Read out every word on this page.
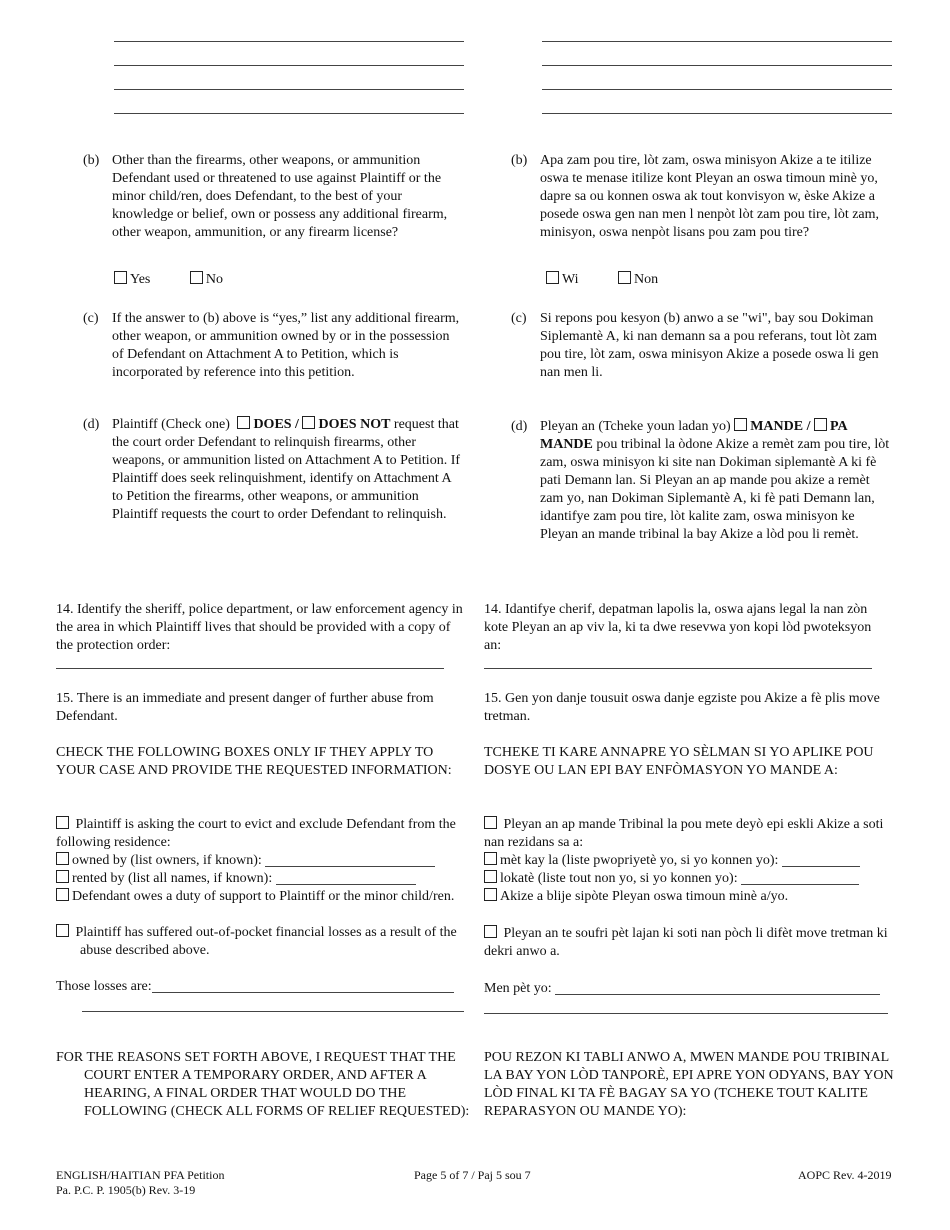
(b) Other than the firearms, other weapons, or ammunition Defendant used or threatened to use against Plaintiff or the minor child/ren, does Defendant, to the best of your knowledge or belief, own or possess any additional firearm, other weapon, ammunition, or any firearm license?
Yes	No
(c) If the answer to (b) above is “yes,” list any additional firearm, other weapon, or ammunition owned by or in the possession of Defendant on Attachment A to Petition, which is incorporated by reference into this petition.
(d) Plaintiff (Check one) DOES / DOES NOT request that the court order Defendant to relinquish firearms, other weapons, or ammunition listed on Attachment A to Petition. If Plaintiff does seek relinquishment, identify on Attachment A to Petition the firearms, other weapons, or ammunition Plaintiff requests the court to order Defendant to relinquish.
(b) Apa zam pou tire, lòt zam, oswa minisyon Akize a te itilize oswa te menase itilize kont Pleyan an oswa timoun minè yo, dapre sa ou konnen oswa ak tout konvisyon w, èske Akize a posede oswa gen nan men l nenpòt lòt zam pou tire, lòt zam, minisyon, oswa nenpòt lisans pou zam pou tire?
Wi	Non
(c) Si repons pou kesyon (b) anwo a se "wi", bay sou Dokiman Siplemantè A, ki nan demann sa a pou referans, tout lòt zam pou tire, lòt zam, oswa minisyon Akize a posede oswa li gen nan men li.
(d) Pleyan an (Tcheke youn ladan yo) MANDE / PA MANDE pou tribinal la òdone Akize a remèt zam pou tire, lòt zam, oswa minisyon ki site nan Dokiman siplemantè A ki fè pati Demann lan. Si Pleyan an ap mande pou akize a remèt zam yo, nan Dokiman Siplemantè A, ki fè pati Demann lan, idantifye zam pou tire, lòt kalite zam, oswa minisyon ke Pleyan an mande tribinal la bay Akize a lòd pou li remèt.
14. Identify the sheriff, police department, or law enforcement agency in the area in which Plaintiff lives that should be provided with a copy of the protection order:
14. Idantifye cherif, depatman lapolis la, oswa ajans legal la nan zòn kote Pleyan an ap viv la, ki ta dwe resevwa yon kopi lòd pwoteksyon an:
15. There is an immediate and present danger of further abuse from Defendant.
15. Gen yon danje tousuit oswa danje egziste pou Akize a fè plis move tretman.
CHECK THE FOLLOWING BOXES ONLY IF THEY APPLY TO YOUR CASE AND PROVIDE THE REQUESTED INFORMATION:
TCHEKE TI KARE ANNAPRE YO SÈLMAN SI YO APLIKE POU DOSYE OU LAN EPI BAY ENFÒMASYON YO MANDE A:
Plaintiff is asking the court to evict and exclude Defendant from the following residence:
owned by (list owners, if known):
rented by (list all names, if known):
Defendant owes a duty of support to Plaintiff or the minor child/ren.
Plaintiff has suffered out-of-pocket financial losses as a result of the abuse described above.
Those losses are:
Pleyan an ap mande Tribinal la pou mete deyò epi eskli Akize a soti nan rezidans sa a:
mèt kay la (liste pwopriyetè yo, si yo konnen yo):
lokatè (liste tout non yo, si yo konnen yo):
Akize a blije sipòte Pleyan oswa timoun minè a/yo.
Pleyan an te soufri pèt lajan ki soti nan pòch li difèt move tretman ki dekri anwo a.
Men pèt yo:
FOR THE REASONS SET FORTH ABOVE, I REQUEST THAT THE COURT ENTER A TEMPORARY ORDER, AND AFTER A HEARING, A FINAL ORDER THAT WOULD DO THE FOLLOWING (CHECK ALL FORMS OF RELIEF REQUESTED):
POU REZON KI TABLI ANWO A, MWEN MANDE POU TRIBINAL LA BAY YON LÒD TANPORÈ, EPI APRE YON ODYANS, BAY YON LÒD FINAL KI TA FÈ BAGAY SA YO (TCHEKE TOUT KALITE REPARASYON OU MANDE YO):
ENGLISH/HAITIAN PFA Petition
Pa. P.C. P. 1905(b) Rev. 3-19
Page 5 of 7 / Paj 5 sou 7	AOPC Rev. 4-2019
